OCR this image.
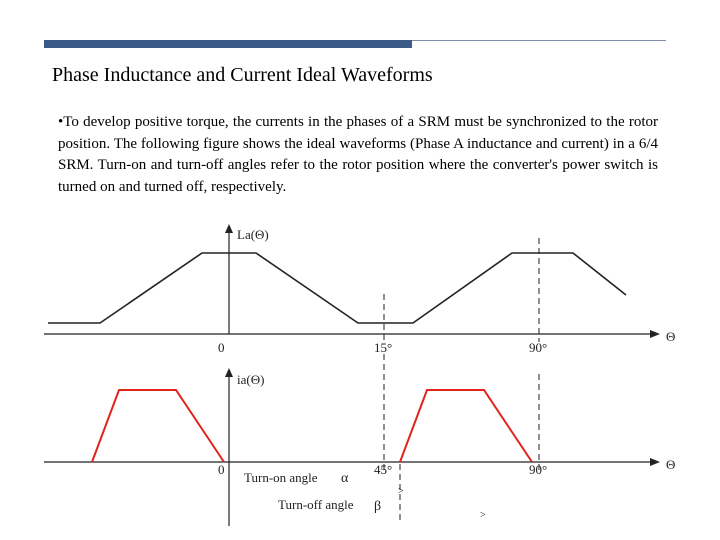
Phase Inductance and Current Ideal Waveforms
•To develop positive torque, the currents in the phases of a SRM must be synchronized to the rotor position. The following figure shows the ideal waveforms (Phase A inductance and current) in a 6/4 SRM. Turn-on and turn-off angles refer to the rotor position where the converter's power switch is turned on and turned off, respectively.
La(Θ)
Θ
0	15°	90°
ia(Θ)
Θ
0	45°	90°
Turn-on angle α
>
Turn-off angle β
>
